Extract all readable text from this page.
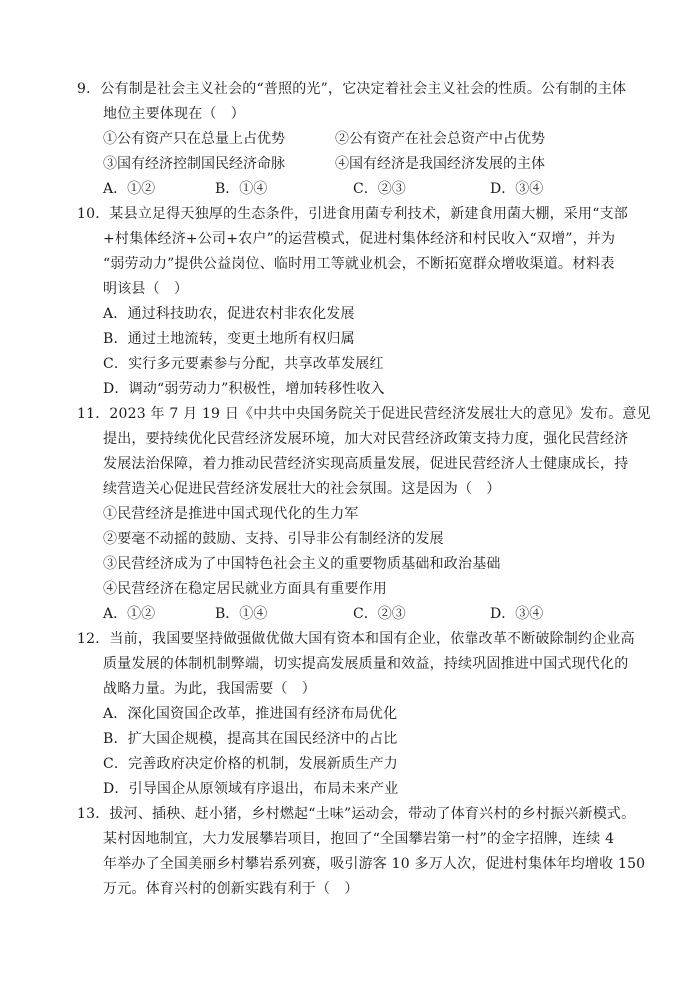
9．公有制是社会主义社会的“普照的光”，它决定着社会主义社会的性质。公有制的主体
地位主要体现在（　）
①公有资产只在总量上占优势	②公有资产在社会总资产中占优势
③国有经济控制国民经济命脉	④国有经济是我国经济发展的主体
A．①②	B．①④	C．②③	D．③④
10．某县立足得天独厚的生态条件，引进食用菌专利技术，新建食用菌大棚，采用“支部
+村集体经济+公司+农户”的运营模式，促进村集体经济和村民收入“双增”，并为
“弱劳动力”提供公益岗位、临时用工等就业机会，不断拓宽群众增收渠道。材料表
明该县（　）
A．通过科技助农，促进农村非农化发展
B．通过土地流转，变更土地所有权归属
C．实行多元要素参与分配，共享改革发展红
D．调动“弱劳动力”积极性，增加转移性收入
11．2023 年 7 月 19 日《中共中央国务院关于促进民营经济发展壮大的意见》发布。意见
提出，要持续优化民营经济发展环境，加大对民营经济政策支持力度，强化民营经济
发展法治保障，着力推动民营经济实现高质量发展，促进民营经济人士健康成长，持
续营造关心促进民营经济发展壮大的社会氛围。这是因为（　）
①民营经济是推进中国式现代化的生力军
②要毫不动摇的鼓励、支持、引导非公有制经济的发展
③民营经济成为了中国特色社会主义的重要物质基础和政治基础
④民营经济在稳定居民就业方面具有重要作用
A．①②	B．①④	C．②③	D．③④
12．当前，我国要坚持做强做优做大国有资本和国有企业，依靠改革不断破除制约企业高
质量发展的体制机制弊端，切实提高发展质量和效益，持续巩固推进中国式现代化的
战略力量。为此，我国需要（　）
A．深化国资国企改革，推进国有经济布局优化
B．扩大国企规模，提高其在国民经济中的占比
C．完善政府决定价格的机制，发展新质生产力
D．引导国企从原领域有序退出，布局未来产业
13．拔河、插秧、赶小猪，乡村燃起“土味”运动会，带动了体育兴村的乡村振兴新模式。
某村因地制宜，大力发展攀岩项目，抱回了“全国攀岩第一村”的金字招牌，连续 4
年举办了全国美丽乡村攀岩系列赛，吸引游客 10 多万人次，促进村集体年均增收 150
万元。体育兴村的创新实践有利于（　）
